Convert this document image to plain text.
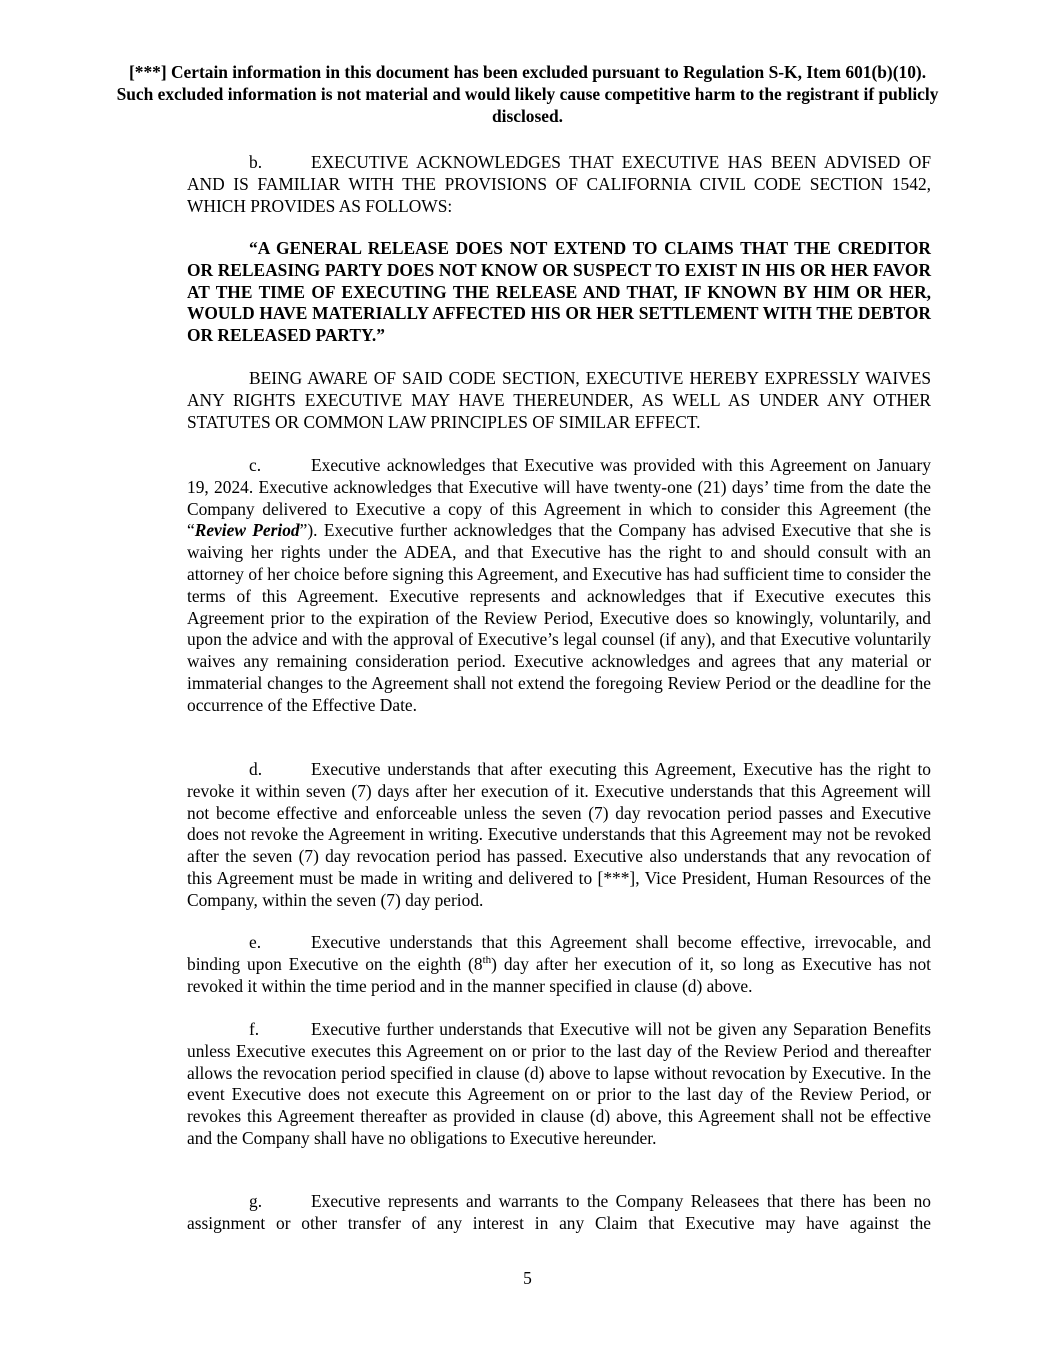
[***] Certain information in this document has been excluded pursuant to Regulation S-K, Item 601(b)(10). Such excluded information is not material and would likely cause competitive harm to the registrant if publicly disclosed.

b.	EXECUTIVE ACKNOWLEDGES THAT EXECUTIVE HAS BEEN ADVISED OF AND IS FAMILIAR WITH THE PROVISIONS OF CALIFORNIA CIVIL CODE SECTION 1542, WHICH PROVIDES AS FOLLOWS:

“A GENERAL RELEASE DOES NOT EXTEND TO CLAIMS THAT THE CREDITOR OR RELEASING PARTY DOES NOT KNOW OR SUSPECT TO EXIST IN HIS OR HER FAVOR AT THE TIME OF EXECUTING THE RELEASE AND THAT, IF KNOWN BY HIM OR HER, WOULD HAVE MATERIALLY AFFECTED HIS OR HER SETTLEMENT WITH THE DEBTOR OR RELEASED PARTY.”

BEING AWARE OF SAID CODE SECTION, EXECUTIVE HEREBY EXPRESSLY WAIVES ANY RIGHTS EXECUTIVE MAY HAVE THEREUNDER, AS WELL AS UNDER ANY OTHER STATUTES OR COMMON LAW PRINCIPLES OF SIMILAR EFFECT.

c.	Executive acknowledges that Executive was provided with this Agreement on January 19, 2024. Executive acknowledges that Executive will have twenty-one (21) days’ time from the date the Company delivered to Executive a copy of this Agreement in which to consider this Agreement (the “Review Period”). Executive further acknowledges that the Company has advised Executive that she is waiving her rights under the ADEA, and that Executive has the right to and should consult with an attorney of her choice before signing this Agreement, and Executive has had sufficient time to consider the terms of this Agreement. Executive represents and acknowledges that if Executive executes this Agreement prior to the expiration of the Review Period, Executive does so knowingly, voluntarily, and upon the advice and with the approval of Executive’s legal counsel (if any), and that Executive voluntarily waives any remaining consideration period. Executive acknowledges and agrees that any material or immaterial changes to the Agreement shall not extend the foregoing Review Period or the deadline for the occurrence of the Effective Date.

d.	Executive understands that after executing this Agreement, Executive has the right to revoke it within seven (7) days after her execution of it. Executive understands that this Agreement will not become effective and enforceable unless the seven (7) day revocation period passes and Executive does not revoke the Agreement in writing. Executive understands that this Agreement may not be revoked after the seven (7) day revocation period has passed. Executive also understands that any revocation of this Agreement must be made in writing and delivered to [***], Vice President, Human Resources of the Company, within the seven (7) day period.

e.	Executive understands that this Agreement shall become effective, irrevocable, and binding upon Executive on the eighth (8th) day after her execution of it, so long as Executive has not revoked it within the time period and in the manner specified in clause (d) above.

f.	Executive further understands that Executive will not be given any Separation Benefits unless Executive executes this Agreement on or prior to the last day of the Review Period and thereafter allows the revocation period specified in clause (d) above to lapse without revocation by Executive. In the event Executive does not execute this Agreement on or prior to the last day of the Review Period, or revokes this Agreement thereafter as provided in clause (d) above, this Agreement shall not be effective and the Company shall have no obligations to Executive hereunder.

g.	Executive represents and warrants to the Company Releasees that there has been no assignment or other transfer of any interest in any Claim that Executive may have against the

5
